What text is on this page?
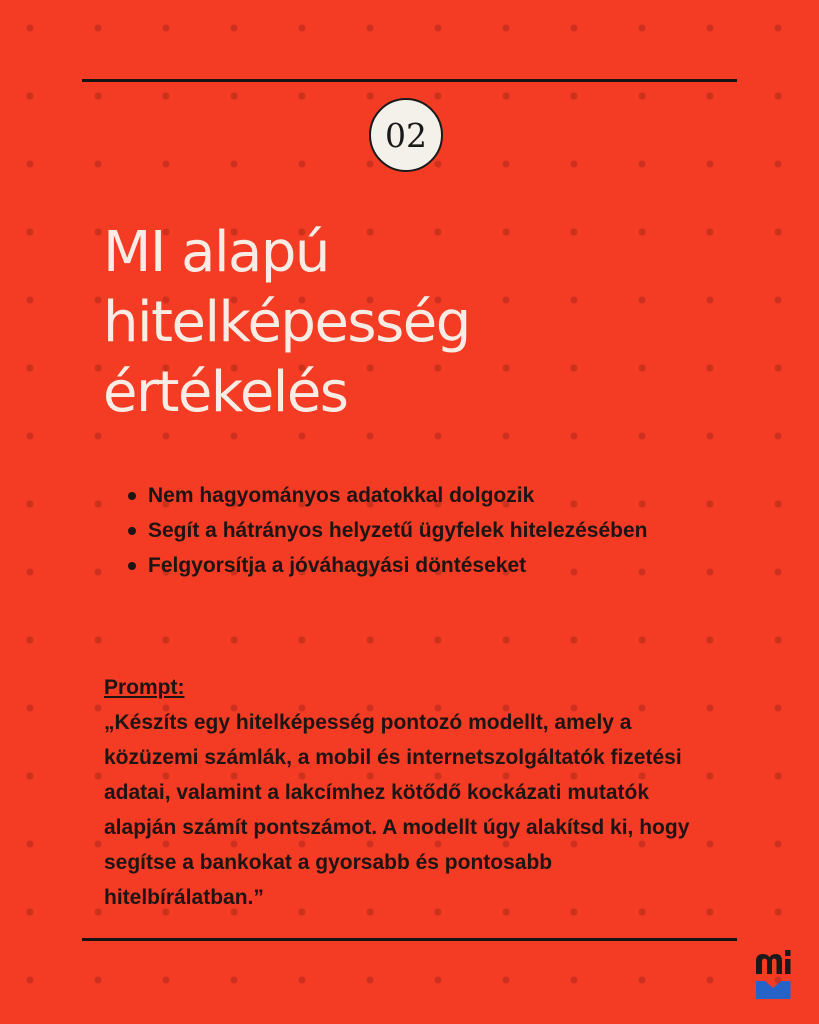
02
MI alapú
hitelképesség
értékelés
Nem hagyományos adatokkal dolgozik
Segít a hátrányos helyzetű ügyfelek hitelezésében
Felgyorsítja a jóváhagyási döntéseket
Prompt:
„Készíts egy hitelképesség pontozó modellt, amely a közüzemi számlák, a mobil és internetszolgáltatók fizetési adatai, valamint a lakcímhez kötődő kockázati mutatók alapján számít pontszámot. A modellt úgy alakítsd ki, hogy segítse a bankokat a gyorsabb és pontosabb hitelbírálatban.”
